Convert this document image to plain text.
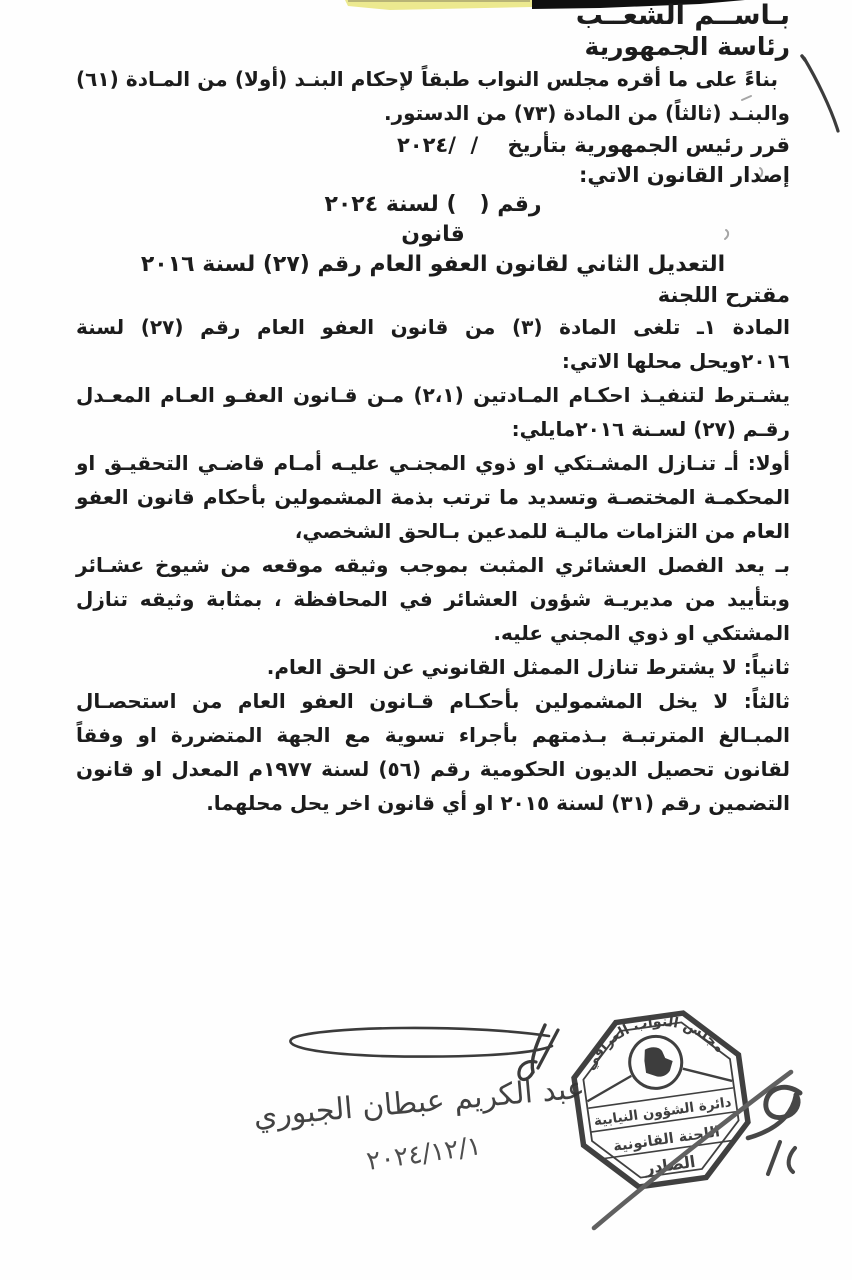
بـاســم الشعــب
رئاسة الجمهورية

بناءً على ما أقره مجلس النواب طبقاً لإحكام البنـد (أولا) من المـادة (٦١) والبنـد (ثالثاً) من المادة (٧٣) من الدستور.

قرر رئيس الجمهورية بتأريخ    /  /٢٠٢٤

إصدار القانون الاتي:

رقم (   ) لسنة ٢٠٢٤
قانون
التعديل الثاني لقانون العفو العام رقم (٢٧) لسنة ٢٠١٦
مقترح اللجنة

المادة ١ـ تلغى المادة (٣) من قانون العفو العام رقم (٢٧) لسنة ٢٠١٦ويحل محلها الاتي:

يشـترط لتنفيـذ احكـام المـادتين (٢،١) مـن قـانون العفـو العـام المعـدل رقـم (٢٧) لسـنة ٢٠١٦مايلي:

أولا: أـ تنـازل المشـتكي او ذوي المجنـي عليـه أمـام قاضـي التحقيـق او المحكمـة المختصـة وتسديد ما ترتب بذمة المشمولين بأحكام قانون العفو العام من التزامات ماليـة للمدعين بـالحق الشخصي،

بـ يعد الفصل العشائري المثبت بموجب وثيقه موقعه من شيوخ عشـائر وبتأييد من مديريـة شؤون العشائر في المحافظة ، بمثابة وثيقه تنازل المشتكي او ذوي المجني عليه.

ثانياً: لا يشترط تنازل الممثل القانوني عن الحق العام.

ثالثاً: لا يخل المشمولين بأحكـام قـانون العفو العام من استحصـال المبـالغ المترتبـة بـذمتهم بأجراء تسوية مع الجهة المتضررة او وفقاً لقانون تحصيل الديون الحكومية رقم (٥٦) لسنة ١٩٧٧م المعدل او قانون التضمين رقم (٣١) لسنة ٢٠١٥ او أي قانون اخر يحل محلهما.

مجلس النواب العراقي
دائرة الشؤون النيابية
اللجنة القانونية
الصادر
عبد الكريم عبطان الجبوري
٢٠٢٤/١٢/١
